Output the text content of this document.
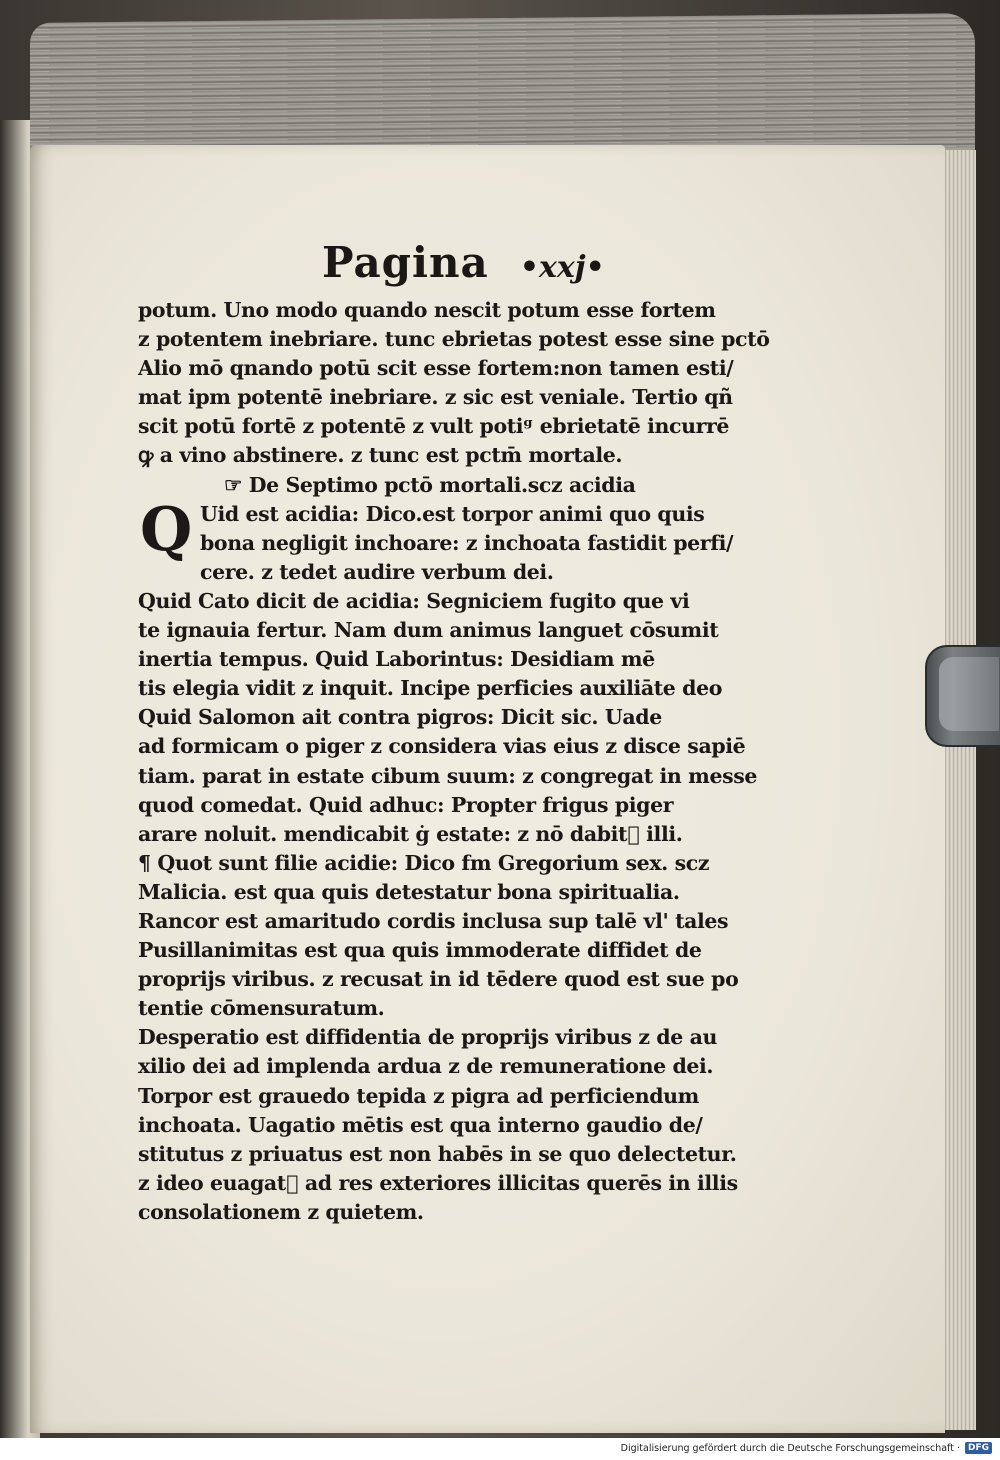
Pagina •xxj•
Q
potum. Uno modo quando nescit potum esse fortem
z potentem inebriare. tunc ebrietas potest esse sine pctō
Alio mō qnando potū scit esse fortem:non tamen esti/
mat ipm potentē inebriare. z sic est veniale. Tertio qñ
scit potū fortē z potentē z vult potiᵍ ebrietatē incurrē
ꝙ a vino abstinere. z tunc est pctm̄ mortale.
☞ De Septimo pctō mortali.scz acidia
Uid est acidia: Dico.est torpor animi quo quis
bona negligit inchoare: z inchoata fastidit perfi/
cere. z tedet audire verbum dei.
Quid Cato dicit de acidia: Segniciem fugito que vi
te ignauia fertur. Nam dum animus languet cōsumit
inertia tempus. Quid Laborintus: Desidiam mē
tis elegia vidit z inquit. Incipe perficies auxiliāte deo
Quid Salomon ait contra pigros: Dicit sic. Uade
ad formicam o piger z considera vias eius z disce sapiē
tiam. parat in estate cibum suum: z congregat in messe
quod comedat. Quid adhuc: Propter frigus piger
arare noluit. mendicabit ġ estate: z nō dabitᷓ illi.
¶ Quot sunt filie acidie: Dico fm Gregorium sex. scz
Malicia. est qua quis detestatur bona spiritualia.
Rancor est amaritudo cordis inclusa sup talē vl' tales
Pusillanimitas est qua quis immoderate diffidet de
proprijs viribus. z recusat in id tēdere quod est sue po
tentie cōmensuratum.
Desperatio est diffidentia de proprijs viribus z de au
xilio dei ad implenda ardua z de remuneratione dei.
Torpor est grauedo tepida z pigra ad perficiendum
inchoata. Uagatio mētis est qua interno gaudio de/
stitutus z priuatus est non habēs in se quo delectetur.
z ideo euagatᷓ ad res exteriores illicitas querēs in illis
consolationem z quietem.
Digitalisierung gefördert durch die Deutsche Forschungsgemeinschaft · DFG
